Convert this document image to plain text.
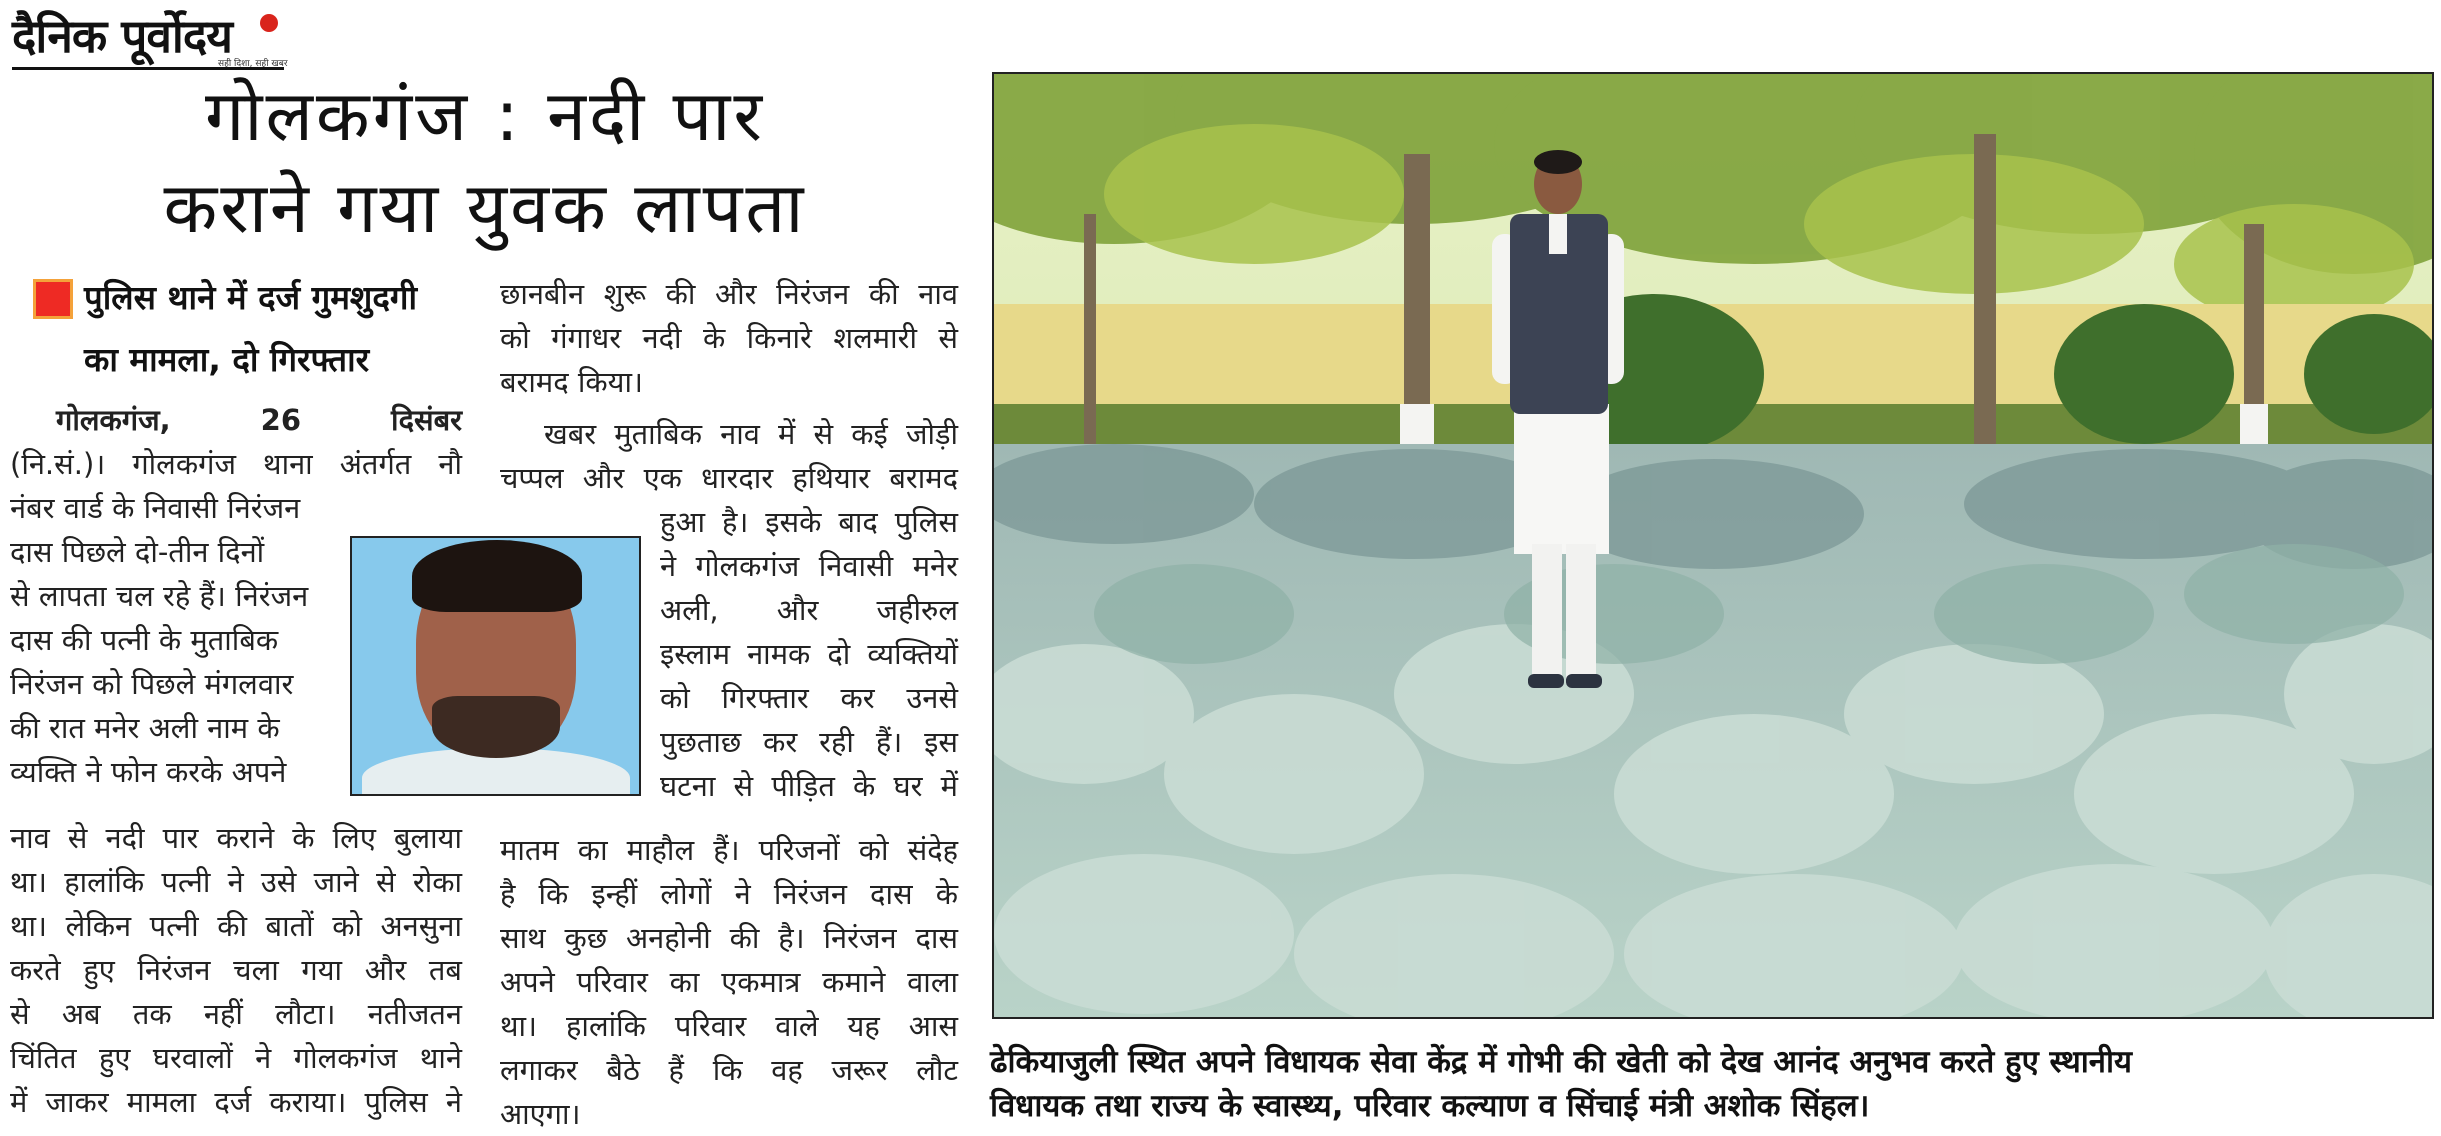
दैनिक पूर्वोदय
सही दिशा, सही खबर
गोलकगंज : नदी पार
कराने गया युवक लापता
पुलिस थाने में दर्ज गुमशुदगी
का मामला, दो गिरफ्तार
गोलकगंज, 26 दिसंबर
(नि.सं.)। गोलकगंज थाना अंतर्गत नौ
नंबर वार्ड के निवासी निरंजन
दास पिछले दो-तीन दिनों
से लापता चल रहे हैं। निरंजन
दास की पत्नी के मुताबिक
निरंजन को पिछले मंगलवार
की रात मनेर अली नाम के
व्यक्ति ने फोन करके अपने
नाव से नदी पार कराने के लिए बुलाया
था। हालांकि पत्नी ने उसे जाने से रोका
था। लेकिन पत्नी की बातों को अनसुना
करते हुए निरंजन चला गया और तब
से अब तक नहीं लौटा। नतीजतन
चिंतित हुए घरवालों ने गोलकगंज थाने
में जाकर मामला दर्ज कराया। पुलिस ने
छानबीन शुरू की और निरंजन की नाव
को गंगाधर नदी के किनारे शलमारी से
बरामद किया।
खबर मुताबिक नाव में से कई जोड़ी
चप्पल और एक धारदार हथियार बरामद
हुआ है। इसके बाद पुलिस
ने गोलकगंज निवासी मनेर
अली, और जहीरुल
इस्लाम नामक दो व्यक्तियों
को गिरफ्तार कर उनसे
पुछताछ कर रही हैं। इस
घटना से पीड़ित के घर में
मातम का माहौल हैं। परिजनों को संदेह
है कि इन्हीं लोगों ने निरंजन दास के
साथ कुछ अनहोनी की है। निरंजन दास
अपने परिवार का एकमात्र कमाने वाला
था। हालांकि परिवार वाले यह आस
लगाकर बैठे हैं कि वह जरूर लौट
आएगा।
ढेकियाजुली स्थित अपने विधायक सेवा केंद्र में गोभी की खेती को देख आनंद अनुभव करते हुए स्थानीय
विधायक तथा राज्य के स्वास्थ्य, परिवार कल्याण व सिंचाई मंत्री अशोक सिंहल।
